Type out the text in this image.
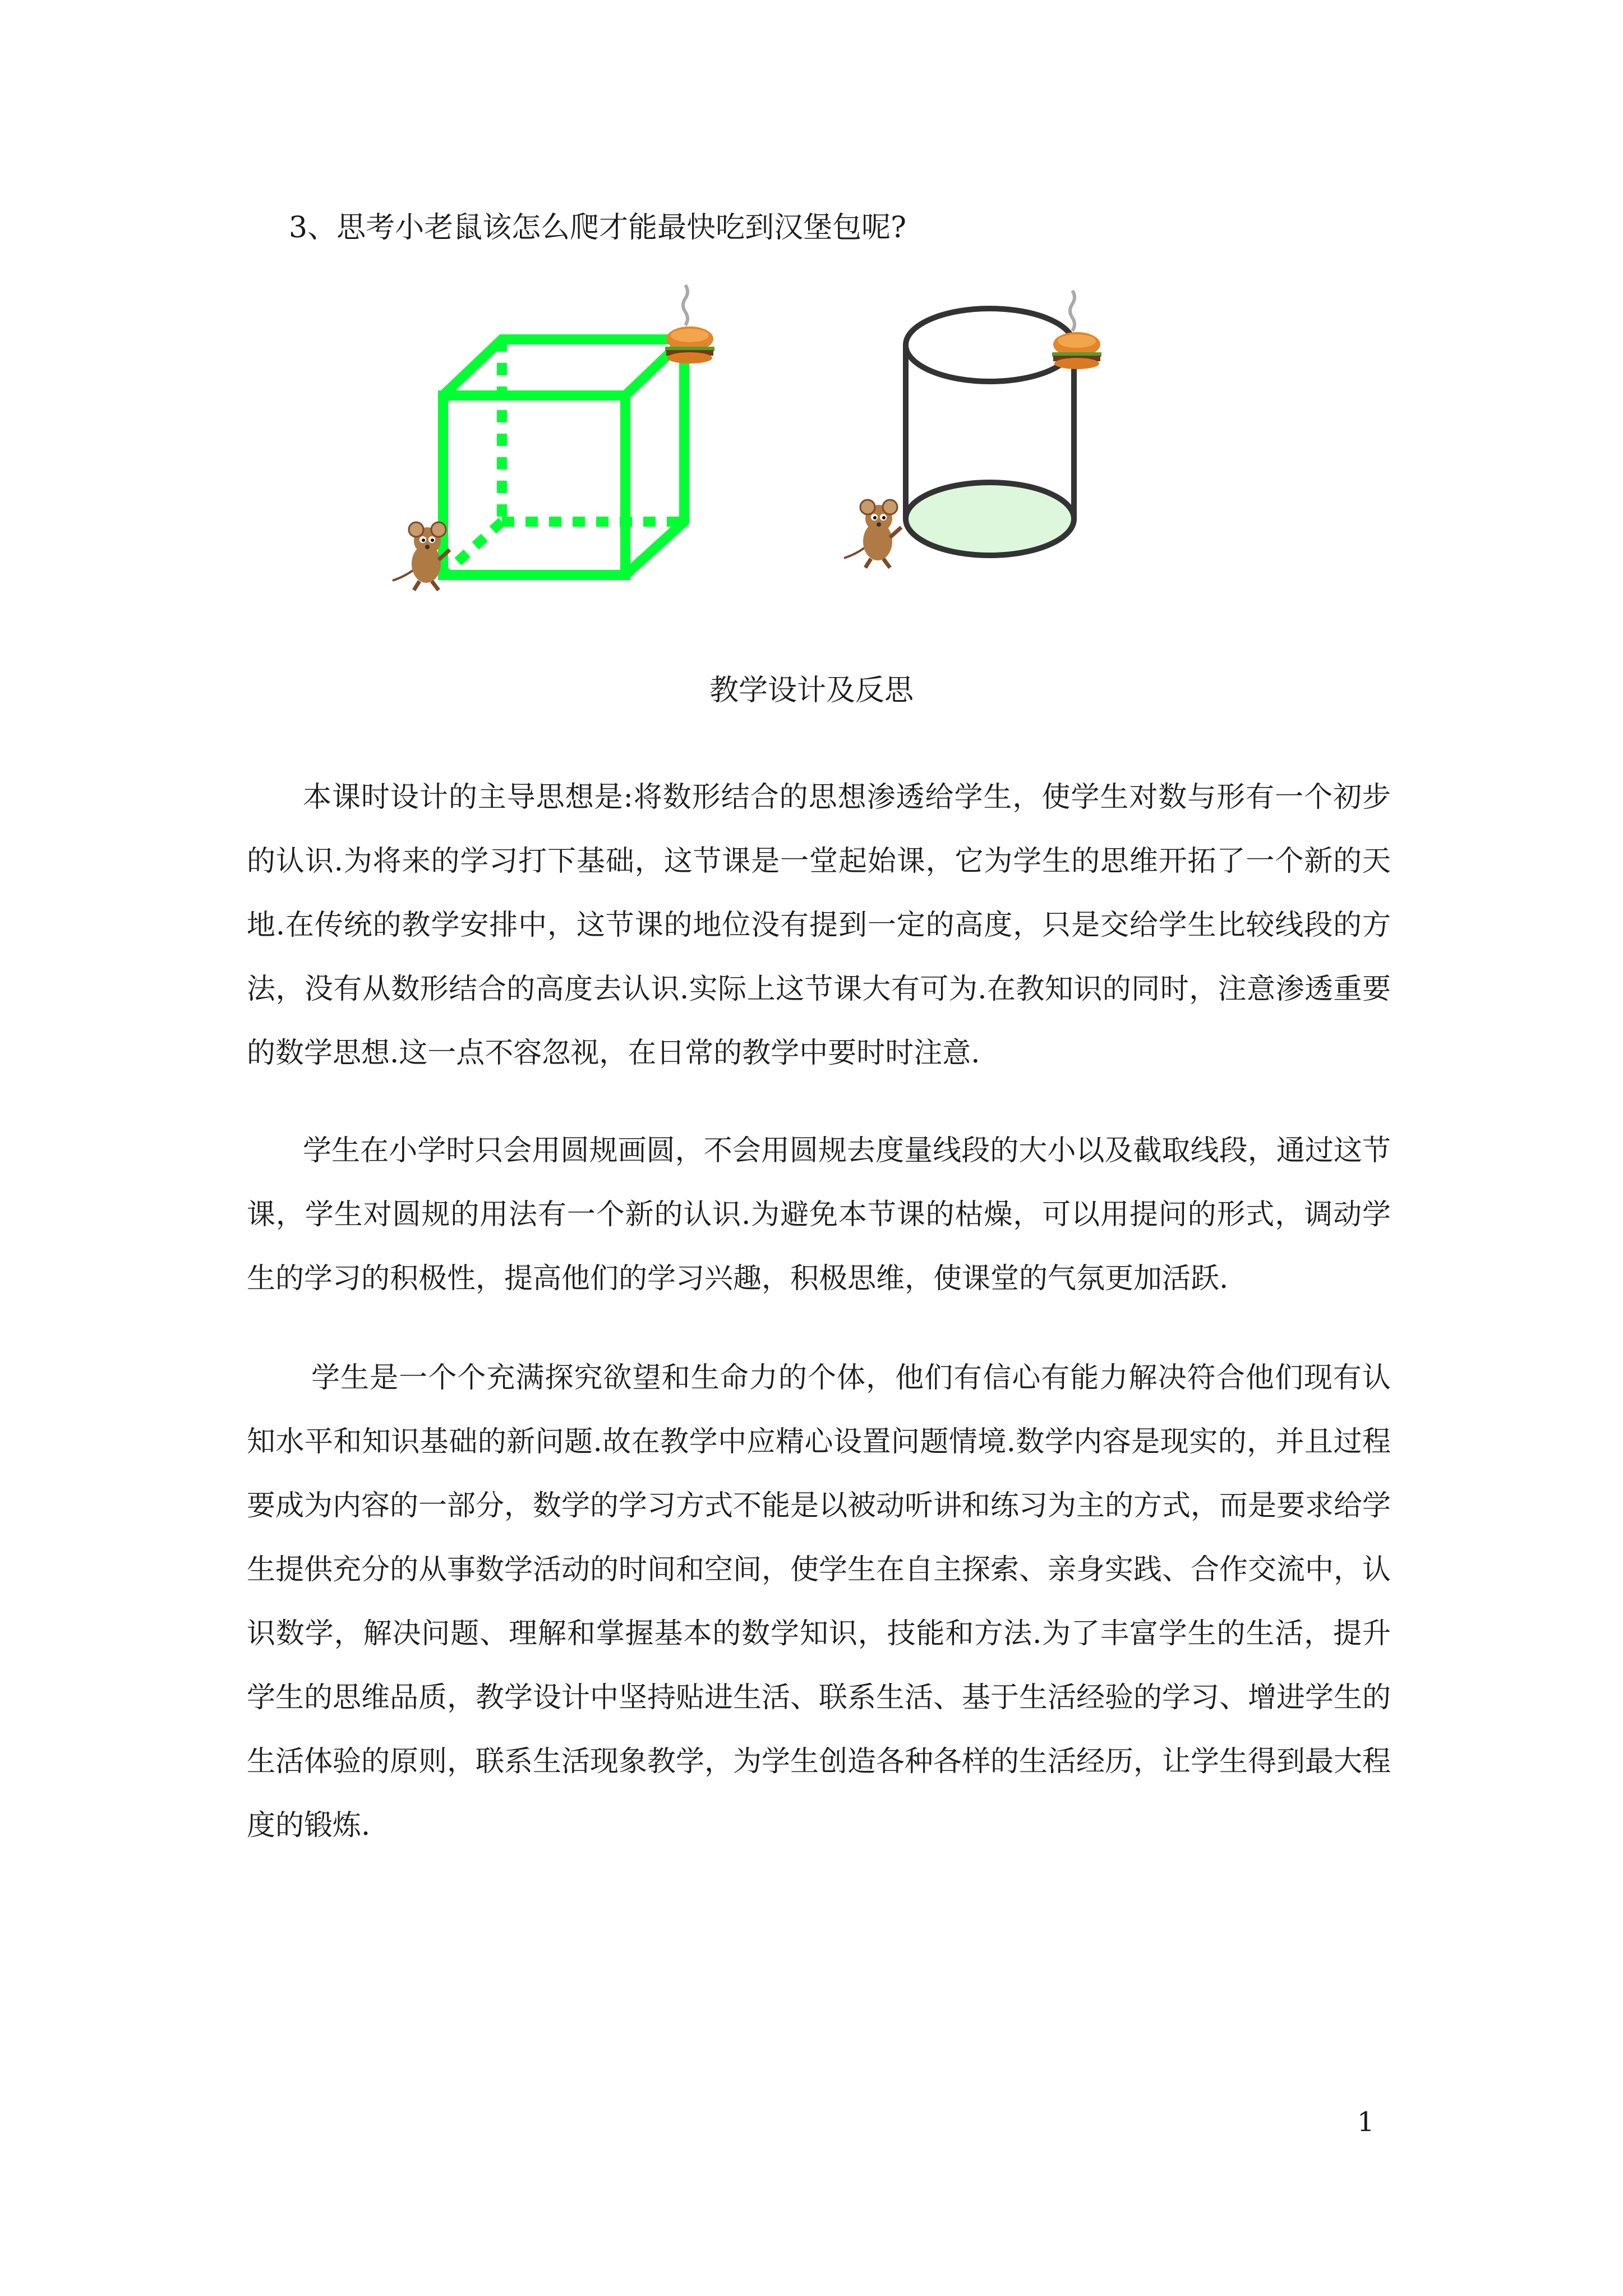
3、思考小老鼠该怎么爬才能最快吃到汉堡包呢?
教学设计及反思

本课时设计的主导思想是:将数形结合的思想渗透给学生，使学生对数与形有一个初步的认识.为将来的学习打下基础，这节课是一堂起始课，它为学生的思维开拓了一个新的天地.在传统的教学安排中，这节课的地位没有提到一定的高度，只是交给学生比较线段的方法，没有从数形结合的高度去认识.实际上这节课大有可为.在教知识的同时，注意渗透重要的数学思想.这一点不容忽视，在日常的教学中要时时注意.

学生在小学时只会用圆规画圆，不会用圆规去度量线段的大小以及截取线段，通过这节课，学生对圆规的用法有一个新的认识.为避免本节课的枯燥，可以用提问的形式，调动学生的学习的积极性，提高他们的学习兴趣，积极思维，使课堂的气氛更加活跃.

学生是一个个充满探究欲望和生命力的个体，他们有信心有能力解决符合他们现有认知水平和知识基础的新问题.故在教学中应精心设置问题情境.数学内容是现实的，并且过程要成为内容的一部分，数学的学习方式不能是以被动听讲和练习为主的方式，而是要求给学生提供充分的从事数学活动的时间和空间，使学生在自主探索、亲身实践、合作交流中，认识数学，解决问题、理解和掌握基本的数学知识，技能和方法.为了丰富学生的生活，提升学生的思维品质，教学设计中坚持贴进生活、联系生活、基于生活经验的学习、增进学生的生活体验的原则，联系生活现象教学，为学生创造各种各样的生活经历，让学生得到最大程度的锻炼.

1
